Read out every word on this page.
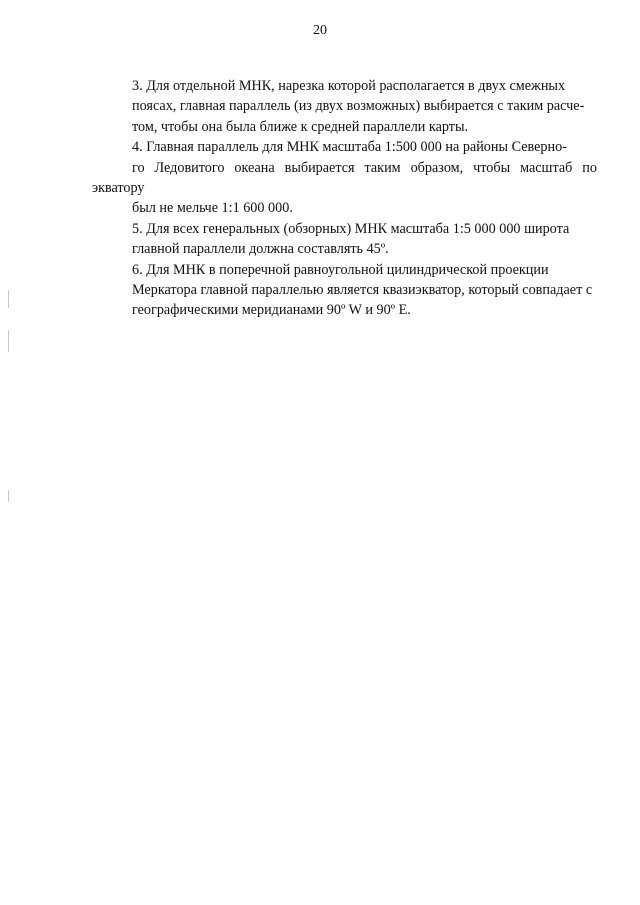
20

3. Для отдельной МНК, нарезка которой располагается в двух смежных
поясах, главная параллель (из двух возможных) выбирается с таким расче-
том, чтобы она была ближе к средней параллели карты.

4. Главная параллель для МНК масштаба 1:500 000 на районы Северно-
го Ледовитого океана выбирается таким образом, чтобы масштаб по экватору
был не мельче 1:1 600 000.

5. Для всех генеральных (обзорных) МНК масштаба 1:5 000 000 широта
главной параллели должна составлять 45º.

6. Для МНК в поперечной равноугольной цилиндрической проекции
Меркатора главной параллелью является квазиэкватор, который совпадает с
географическими меридианами 90º W и 90º E.
